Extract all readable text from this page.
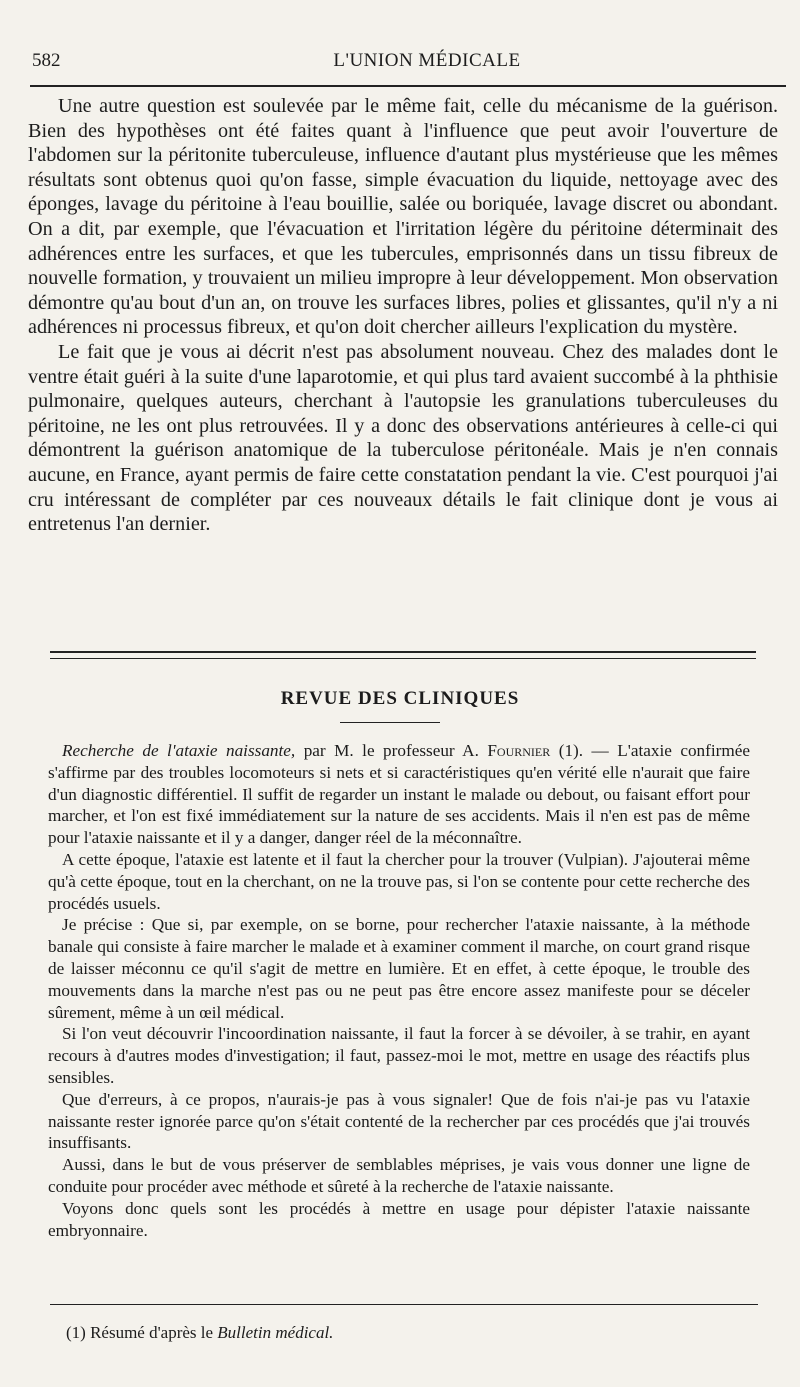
582	L'UNION MÉDICALE

Une autre question est soulevée par le même fait, celle du mécanisme de la guérison. Bien des hypothèses ont été faites quant à l'influence que peut avoir l'ouverture de l'abdomen sur la péritonite tuberculeuse, influence d'autant plus mystérieuse que les mêmes résultats sont obtenus quoi qu'on fasse, simple évacuation du liquide, nettoyage avec des éponges, lavage du péritoine à l'eau bouillie, salée ou boriquée, lavage discret ou abondant. On a dit, par exemple, que l'évacuation et l'irritation légère du péritoine déterminait des adhérences entre les surfaces, et que les tubercules, emprisonnés dans un tissu fibreux de nouvelle formation, y trouvaient un milieu impropre à leur développement. Mon observation démontre qu'au bout d'un an, on trouve les surfaces libres, polies et glissantes, qu'il n'y a ni adhérences ni processus fibreux, et qu'on doit chercher ailleurs l'explication du mystère.

Le fait que je vous ai décrit n'est pas absolument nouveau. Chez des malades dont le ventre était guéri à la suite d'une laparotomie, et qui plus tard avaient succombé à la phthisie pulmonaire, quelques auteurs, cherchant à l'autopsie les granulations tuberculeuses du péritoine, ne les ont plus retrouvées. Il y a donc des observations antérieures à celle-ci qui démontrent la guérison anatomique de la tuberculose péritonéale. Mais je n'en connais aucune, en France, ayant permis de faire cette constatation pendant la vie. C'est pourquoi j'ai cru intéressant de compléter par ces nouveaux détails le fait clinique dont je vous ai entretenus l'an dernier.

REVUE DES CLINIQUES

Recherche de l'ataxie naissante, par M. le professeur A. Fournier (1). — L'ataxie confirmée s'affirme par des troubles locomoteurs si nets et si caractéristiques qu'en vérité elle n'aurait que faire d'un diagnostic différentiel. Il suffit de regarder un instant le malade ou debout, ou faisant effort pour marcher, et l'on est fixé immédiatement sur la nature de ses accidents. Mais il n'en est pas de même pour l'ataxie naissante et il y a danger, danger réel de la méconnaître.

A cette époque, l'ataxie est latente et il faut la chercher pour la trouver (Vulpian). J'ajouterai même qu'à cette époque, tout en la cherchant, on ne la trouve pas, si l'on se contente pour cette recherche des procédés usuels.

Je précise : Que si, par exemple, on se borne, pour rechercher l'ataxie naissante, à la méthode banale qui consiste à faire marcher le malade et à examiner comment il marche, on court grand risque de laisser méconnu ce qu'il s'agit de mettre en lumière. Et en effet, à cette époque, le trouble des mouvements dans la marche n'est pas ou ne peut pas être encore assez manifeste pour se déceler sûrement, même à un œil médical.

Si l'on veut découvrir l'incoordination naissante, il faut la forcer à se dévoiler, à se trahir, en ayant recours à d'autres modes d'investigation; il faut, passez-moi le mot, mettre en usage des réactifs plus sensibles.

Que d'erreurs, à ce propos, n'aurais-je pas à vous signaler! Que de fois n'ai-je pas vu l'ataxie naissante rester ignorée parce qu'on s'était contenté de la rechercher par ces procédés que j'ai trouvés insuffisants.

Aussi, dans le but de vous préserver de semblables méprises, je vais vous donner une ligne de conduite pour procéder avec méthode et sûreté à la recherche de l'ataxie naissante.

Voyons donc quels sont les procédés à mettre en usage pour dépister l'ataxie naissante embryonnaire.

(1) Résumé d'après le Bulletin médical.
